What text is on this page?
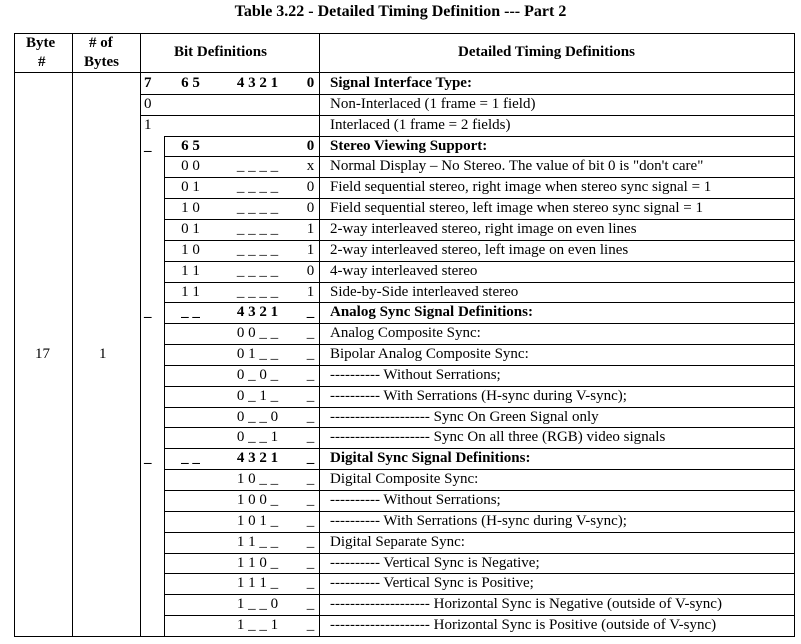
Table 3.22 - Detailed Timing Definition --- Part 2
Byte
#
# of
Bytes
Bit Definitions	Detailed Timing Definitions
17	1
7	6 5	4 3 2 1	0	Signal Interface Type:
0	Non-Interlaced (1 frame = 1 field)
1	Interlaced (1 frame = 2 fields)
_	6 5	0	Stereo Viewing Support:
0 0	_ _ _ _	x	Normal Display – No Stereo. The value of bit 0 is "don't care"
0 1	_ _ _ _	0	Field sequential stereo, right image when stereo sync signal = 1
1 0	_ _ _ _	0	Field sequential stereo, left image when stereo sync signal = 1
0 1	_ _ _ _	1	2-way interleaved stereo, right image on even lines
1 0	_ _ _ _	1	2-way interleaved stereo, left image on even lines
1 1	_ _ _ _	0	4-way interleaved stereo
1 1	_ _ _ _	1	Side-by-Side interleaved stereo
_	_ _	4 3 2 1	_	Analog Sync Signal Definitions:
0 0 _ _	_	Analog Composite Sync:
0 1 _ _	_	Bipolar Analog Composite Sync:
0 _ 0 _	_	---------- Without Serrations;
0 _ 1 _	_	---------- With Serrations (H-sync during V-sync);
0 _ _ 0	_	-------------------- Sync On Green Signal only
0 _ _ 1	_	-------------------- Sync On all three (RGB) video signals
_	_ _	4 3 2 1	_	Digital Sync Signal Definitions:
1 0 _ _	_	Digital Composite Sync:
1 0 0 _	_	---------- Without Serrations;
1 0 1 _	_	---------- With Serrations (H-sync during V-sync);
1 1 _ _	_	Digital Separate Sync:
1 1 0 _	_	---------- Vertical Sync is Negative;
1 1 1 _	_	---------- Vertical Sync is Positive;
1 _ _ 0	_	-------------------- Horizontal Sync is Negative (outside of V-sync)
1 _ _ 1	_	-------------------- Horizontal Sync is Positive (outside of V-sync)
